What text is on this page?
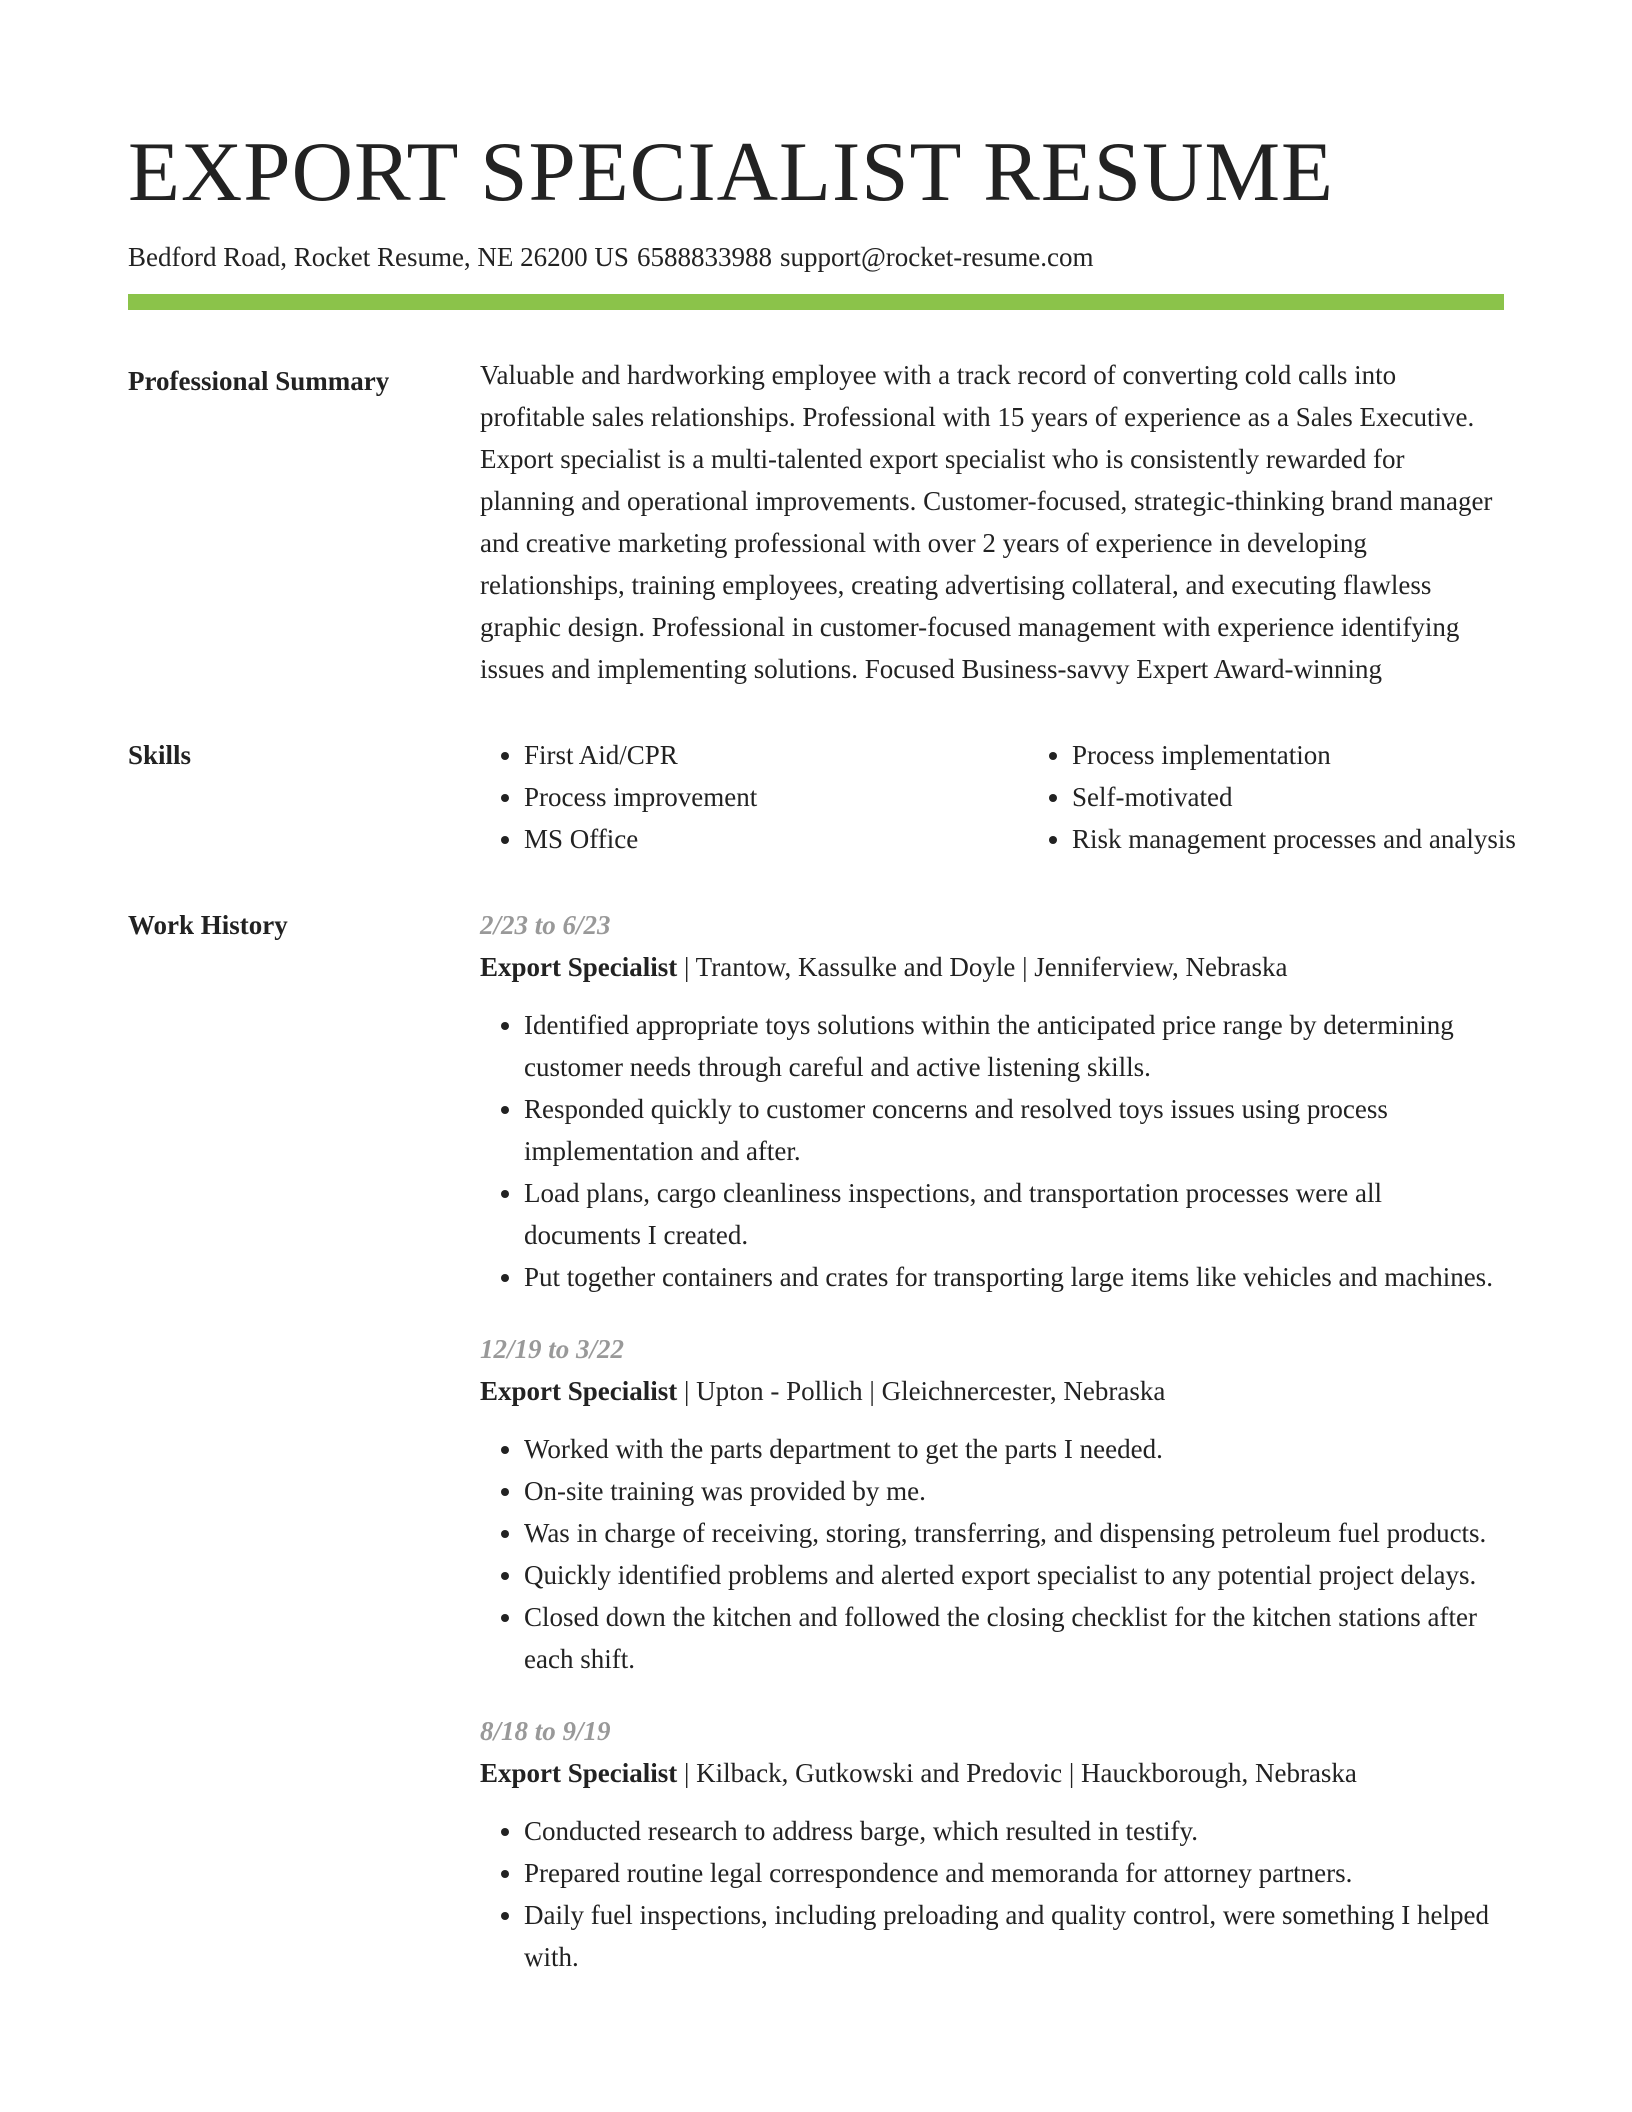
EXPORT SPECIALIST RESUME
Bedford Road, Rocket Resume, NE 26200 US 6588833988 support@rocket-resume.com
Professional Summary	Valuable and hardworking employee with a track record of converting cold calls into profitable sales relationships. Professional with 15 years of experience as a Sales Executive. Export specialist is a multi-talented export specialist who is consistently rewarded for planning and operational improvements. Customer-focused, strategic-thinking brand manager and creative marketing professional with over 2 years of experience in developing relationships, training employees, creating advertising collateral, and executing flawless graphic design. Professional in customer-focused management with experience identifying issues and implementing solutions. Focused Business-savvy Expert Award-winning

Skills
•	First Aid/CPR
• Process improvement
• MS Office
• Process implementation
• Self-motivated
• Risk management processes and analysis
Work History	2/23 to 6/23
Export Specialist | Trantow, Kassulke and Doyle | Jenniferview, Nebraska
• Identified appropriate toys solutions within the anticipated price range by determining customer needs through careful and active listening skills.
• Responded quickly to customer concerns and resolved toys issues using process implementation and after.
• Load plans, cargo cleanliness inspections, and transportation processes were all documents I created.
• Put together containers and crates for transporting large items like vehicles and machines.
12/19 to 3/22
Export Specialist | Upton - Pollich | Gleichnercester, Nebraska
• Worked with the parts department to get the parts I needed.
• On-site training was provided by me.
• Was in charge of receiving, storing, transferring, and dispensing petroleum fuel products.
• Quickly identified problems and alerted export specialist to any potential project delays.
• Closed down the kitchen and followed the closing checklist for the kitchen stations after each shift.
8/18 to 9/19
Export Specialist | Kilback, Gutkowski and Predovic | Hauckborough, Nebraska
• Conducted research to address barge, which resulted in testify.
• Prepared routine legal correspondence and memoranda for attorney partners.
• Daily fuel inspections, including preloading and quality control, were something I helped with.
